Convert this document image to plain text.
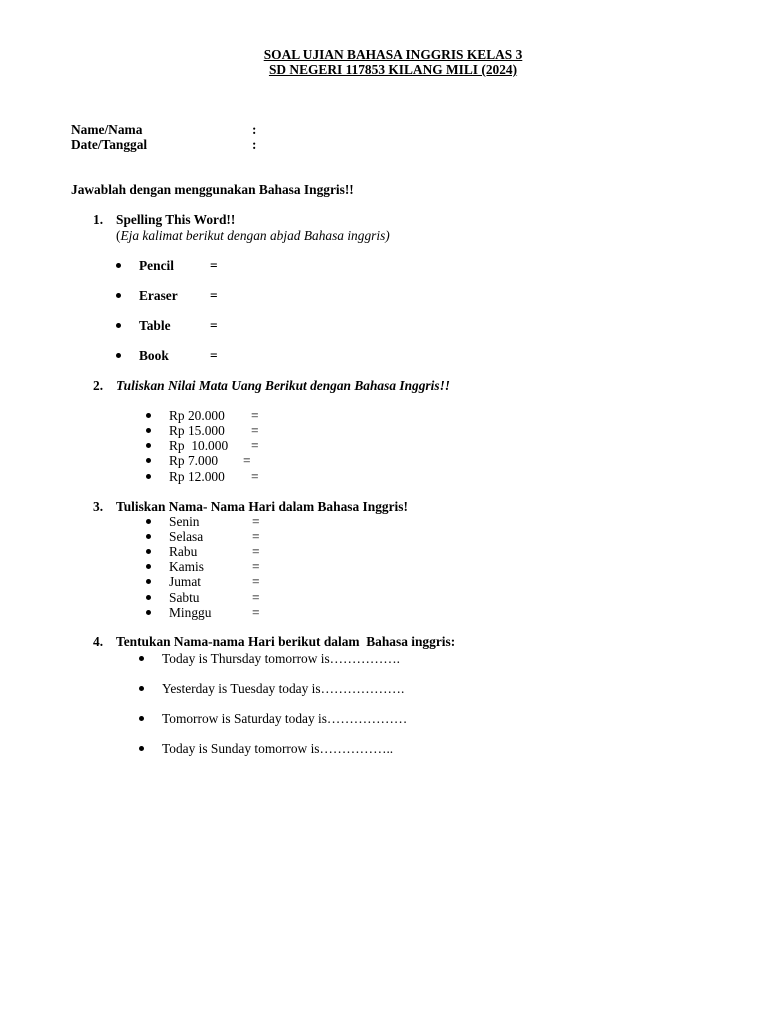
SOAL UJIAN BAHASA INGGRIS KELAS 3
SD NEGERI 117853 KILANG MILI (2024)
Name/Nama	:
Date/Tanggal	:
Jawablah dengan menggunakan Bahasa Inggris!!
1. Spelling This Word!!
(Eja kalimat berikut dengan abjad Bahasa inggris)
Pencil	=
Eraser =
Table	=
Book	=
2. Tuliskan Nilai Mata Uang Berikut dengan Bahasa Inggris!!
Rp 20.000 =
Rp 15.000 =
Rp  10.000 =
Rp 7.000 =
Rp 12.000 =
3. Tuliskan Nama- Nama Hari dalam Bahasa Inggris!
Senin	=
Selasa	=
Rabu	=
Kamis	=
Jumat	=
Sabtu	=
Minggu	=
4. Tentukan Nama-nama Hari berikut dalam  Bahasa inggris:
Today is Thursday tomorrow is…………….
Yesterday is Tuesday today is……………….
Tomorrow is Saturday today is………………
Today is Sunday tomorrow is……………..
